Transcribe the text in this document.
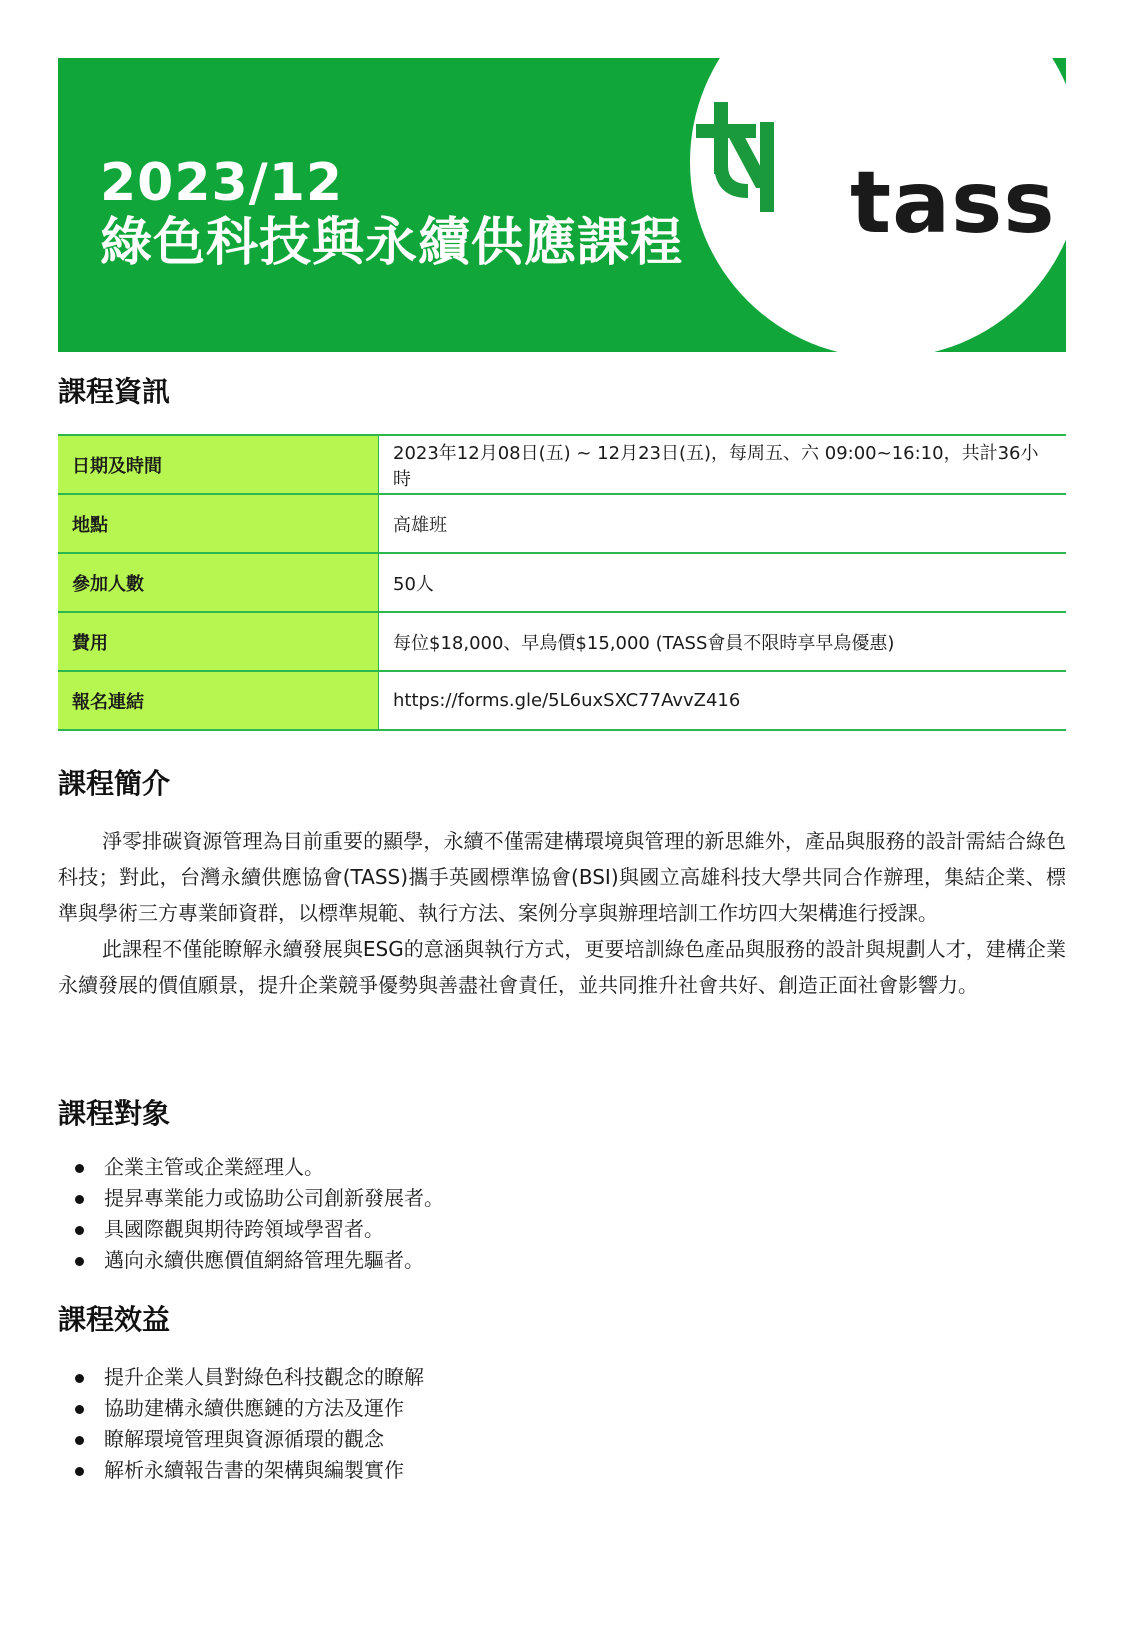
2023/12
綠色科技與永續供應課程 tass
課程資訊
日期及時間	2023年12月08日(五) ~ 12月23日(五)，每周五、六 09:00~16:10，共計36小時
地點	高雄班
參加人數	50人
費用	每位$18,000、早鳥價$15,000 (TASS會員不限時享早鳥優惠)
報名連結	https://forms.gle/5L6uxSXC77AvvZ416
課程簡介

淨零排碳資源管理為目前重要的顯學，永續不僅需建構環境與管理的新思維外，產品與服務的設計需結合綠色科技；對此，台灣永續供應協會(TASS)攜手英國標準協會(BSI)與國立高雄科技大學共同合作辦理，集結企業、標準與學術三方專業師資群，以標準規範、執行方法、案例分享與辦理培訓工作坊四大架構進行授課。

此課程不僅能瞭解永續發展與ESG的意涵與執行方式，更要培訓綠色產品與服務的設計與規劃人才，建構企業永續發展的價值願景，提升企業競爭優勢與善盡社會責任，並共同推升社會共好、創造正面社會影響力。

課程對象
企業主管或企業經理人。
提昇專業能力或協助公司創新發展者。
具國際觀與期待跨領域學習者。
邁向永續供應價值網絡管理先驅者。
課程效益
提升企業人員對綠色科技觀念的瞭解
協助建構永續供應鏈的方法及運作
瞭解環境管理與資源循環的觀念
解析永續報告書的架構與編製實作
